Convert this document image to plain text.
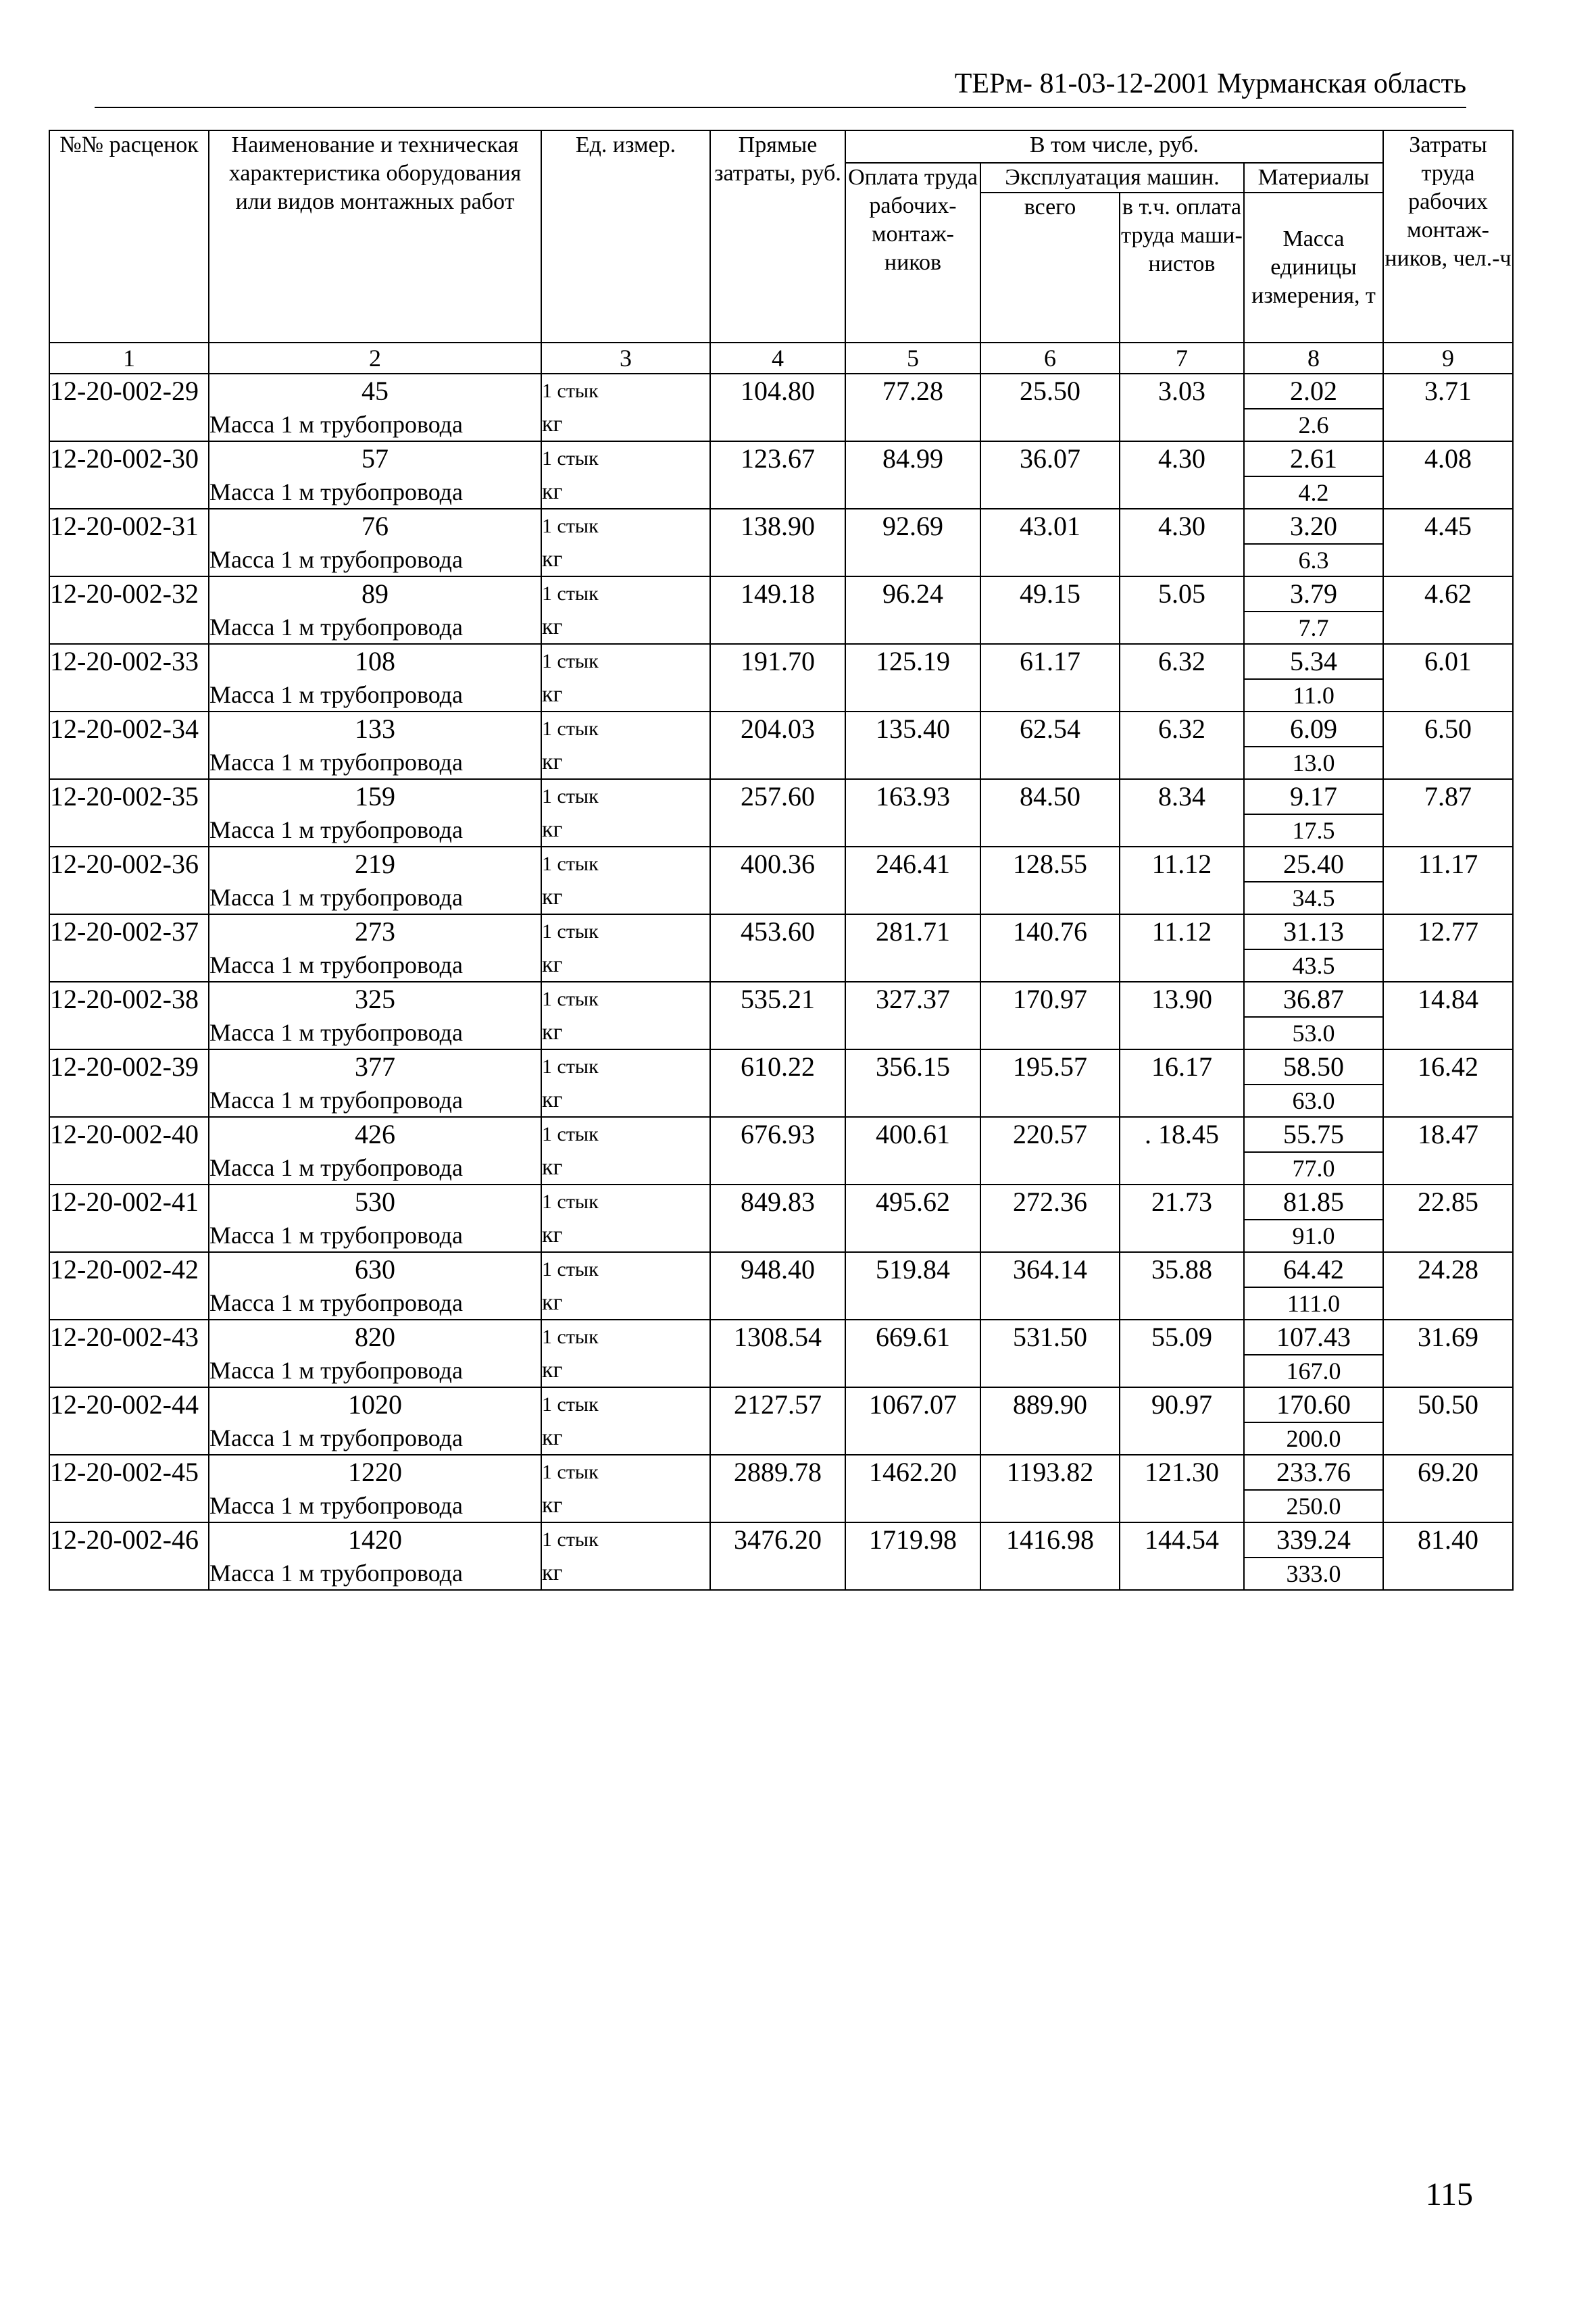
ТЕРм- 81-03-12-2001 Мурманская область
№№ расценок	Наименование и техническая характеристика оборудования или видов монтажных работ	Ед. измер.	Прямые затраты, руб.	В том числе, руб.				Затраты труда рабочих монтаж-ников, чел.-ч
				Оплата труда рабочих-монтаж-ников	Эксплуатация машин.		Материалы	
					всего	в т.ч. оплата труда маши-нистов	Масса единицы измерения, т	
1	2	3	4	5	6	7	8	9
12-20-002-29	45	1 стык	104.80	77.28	25.50	3.03	2.02	3.71
	Масса 1 м трубопровода	кг					2.6	
12-20-002-30	57	1 стык	123.67	84.99	36.07	4.30	2.61	4.08
	Масса 1 м трубопровода	кг					4.2	
12-20-002-31	76	1 стык	138.90	92.69	43.01	4.30	3.20	4.45
	Масса 1 м трубопровода	кг					6.3	
12-20-002-32	89	1 стык	149.18	96.24	49.15	5.05	3.79	4.62
	Масса 1 м трубопровода	кг					7.7	
12-20-002-33	108	1 стык	191.70	125.19	61.17	6.32	5.34	6.01
	Масса 1 м трубопровода	кг					11.0	
12-20-002-34	133	1 стык	204.03	135.40	62.54	6.32	6.09	6.50
	Масса 1 м трубопровода	кг					13.0	
12-20-002-35	159	1 стык	257.60	163.93	84.50	8.34	9.17	7.87
	Масса 1 м трубопровода	кг					17.5	
12-20-002-36	219	1 стык	400.36	246.41	128.55	11.12	25.40	11.17
	Масса 1 м трубопровода	кг					34.5	
12-20-002-37	273	1 стык	453.60	281.71	140.76	11.12	31.13	12.77
	Масса 1 м трубопровода	кг					43.5	
12-20-002-38	325	1 стык	535.21	327.37	170.97	13.90	36.87	14.84
	Масса 1 м трубопровода	кг					53.0	
12-20-002-39	377	1 стык	610.22	356.15	195.57	16.17	58.50	16.42
	Масса 1 м трубопровода	кг					63.0	
12-20-002-40	426	1 стык	676.93	400.61	220.57	. 18.45	55.75	18.47
	Масса 1 м трубопровода	кг					77.0	
12-20-002-41	530	1 стык	849.83	495.62	272.36	21.73	81.85	22.85
	Масса 1 м трубопровода	кг					91.0	
12-20-002-42	630	1 стык	948.40	519.84	364.14	35.88	64.42	24.28
	Масса 1 м трубопровода	кг					111.0	
12-20-002-43	820	1 стык	1308.54	669.61	531.50	55.09	107.43	31.69
	Масса 1 м трубопровода	кг					167.0	
12-20-002-44	1020	1 стык	2127.57	1067.07	889.90	90.97	170.60	50.50
	Масса 1 м трубопровода	кг					200.0	
12-20-002-45	1220	1 стык	2889.78	1462.20	1193.82	121.30	233.76	69.20
	Масса 1 м трубопровода	кг					250.0	
12-20-002-46	1420	1 стык	3476.20	1719.98	1416.98	144.54	339.24	81.40
	Масса 1 м трубопровода	кг					333.0	
115
